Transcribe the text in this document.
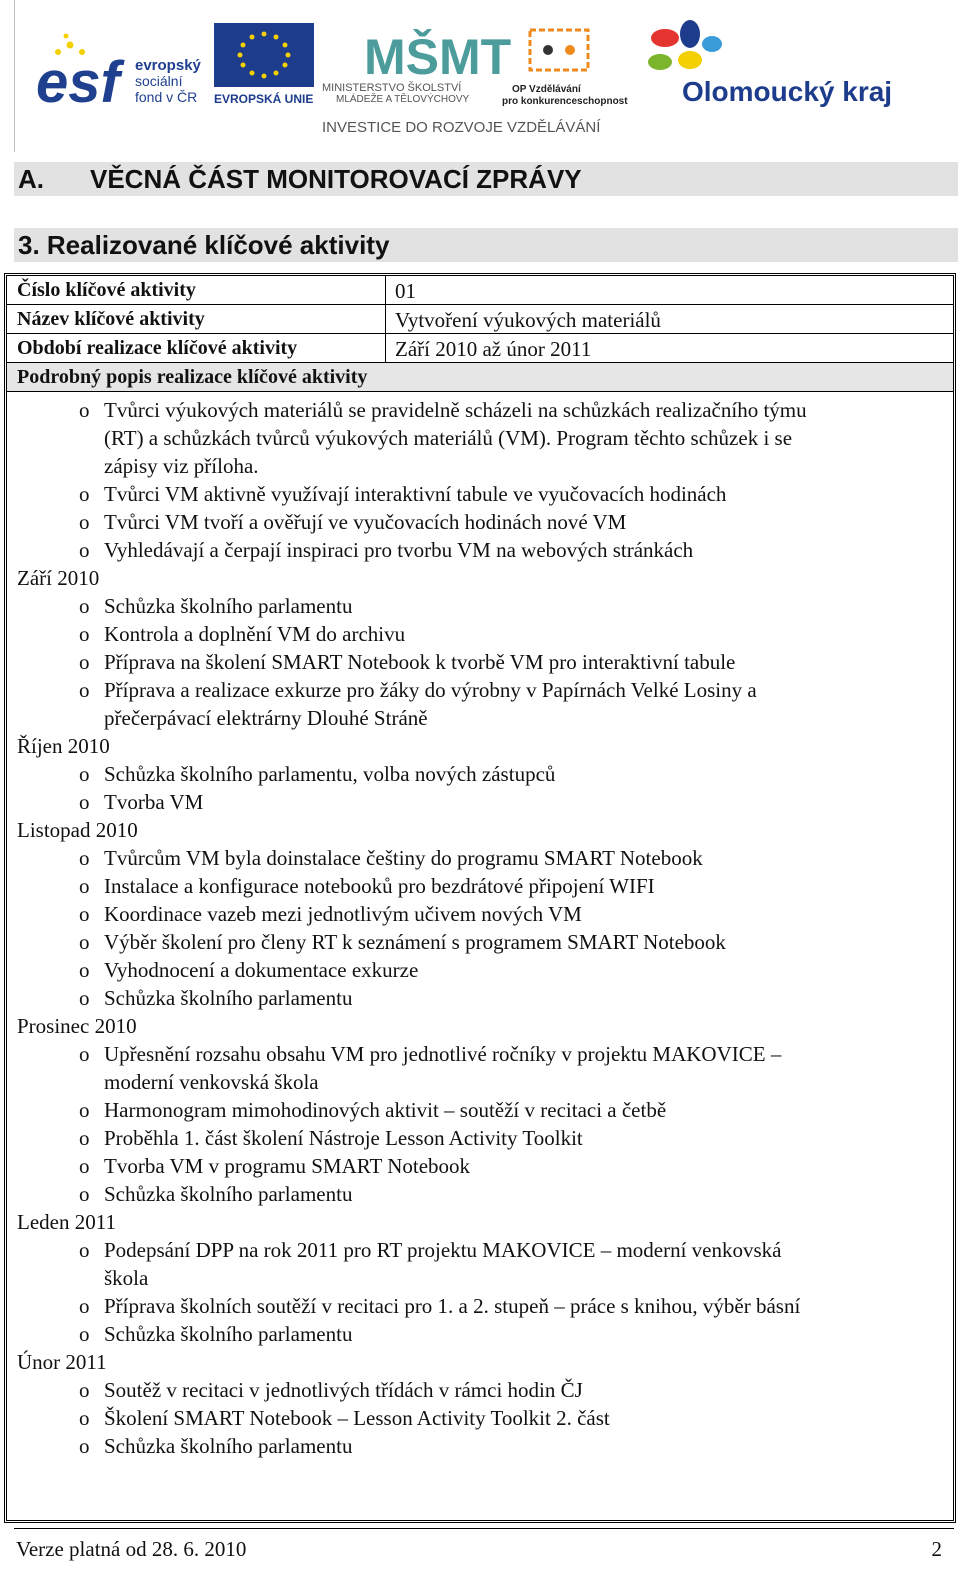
esf	evropský
sociální
fond v ČR EVROPSKÁ UNIE
MŠMT
MINISTERSTVO ŠKOLSTVÍ
MLÁDEŽE A TĚLOVÝCHOVY
OP Vzdělávání
pro konkurenceschopnost Olomoucký kraj
INVESTICE DO ROZVOJE VZDĚLÁVÁNÍ
A. VĚCNÁ ČÁST MONITOROVACÍ ZPRÁVY
3. Realizované klíčové aktivity
Číslo klíčové aktivity	01
Název klíčové aktivity	Vytvoření výukových materiálů
Období realizace klíčové aktivity	Září 2010 až únor 2011
Podrobný popis realizace klíčové aktivity
o Tvůrci výukových materiálů se pravidelně scházeli na schůzkách realizačního týmu
(RT) a schůzkách tvůrců výukových materiálů (VM). Program těchto schůzek i se
zápisy viz příloha.
o Tvůrci VM aktivně využívají interaktivní tabule ve vyučovacích hodinách
o Tvůrci VM tvoří a ověřují ve vyučovacích hodinách nové VM
o Vyhledávají a čerpají inspiraci pro tvorbu VM na webových stránkách
Září 2010
o Schůzka školního parlamentu
o Kontrola a doplnění VM do archivu
o Příprava na školení SMART Notebook k tvorbě VM pro interaktivní tabule
o Příprava a realizace exkurze pro žáky do výrobny v Papírnách Velké Losiny a
přečerpávací elektrárny Dlouhé Stráně
Říjen 2010
o Schůzka školního parlamentu, volba nových zástupců
o Tvorba VM
Listopad 2010
o Tvůrcům VM byla doinstalace češtiny do programu SMART Notebook
o Instalace a konfigurace notebooků pro bezdrátové připojení WIFI
o Koordinace vazeb mezi jednotlivým učivem nových VM
o Výběr školení pro členy RT k seznámení s programem SMART Notebook
o Vyhodnocení a dokumentace exkurze
o Schůzka školního parlamentu
Prosinec 2010
o Upřesnění rozsahu obsahu VM pro jednotlivé ročníky v projektu MAKOVICE –
moderní venkovská škola
o Harmonogram mimohodinových aktivit – soutěží v recitaci a četbě
o Proběhla 1. část školení Nástroje Lesson Activity Toolkit
o Tvorba VM v programu SMART Notebook
o Schůzka školního parlamentu
Leden 2011
o Podepsání DPP na rok 2011 pro RT projektu MAKOVICE – moderní venkovská
škola
o Příprava školních soutěží v recitaci pro 1. a 2. stupeň – práce s knihou, výběr básní
o Schůzka školního parlamentu
Únor 2011
o Soutěž v recitaci v jednotlivých třídách v rámci hodin ČJ
o Školení SMART Notebook – Lesson Activity Toolkit 2. část
o Schůzka školního parlamentu
Verze platná od 28. 6. 2010	2
